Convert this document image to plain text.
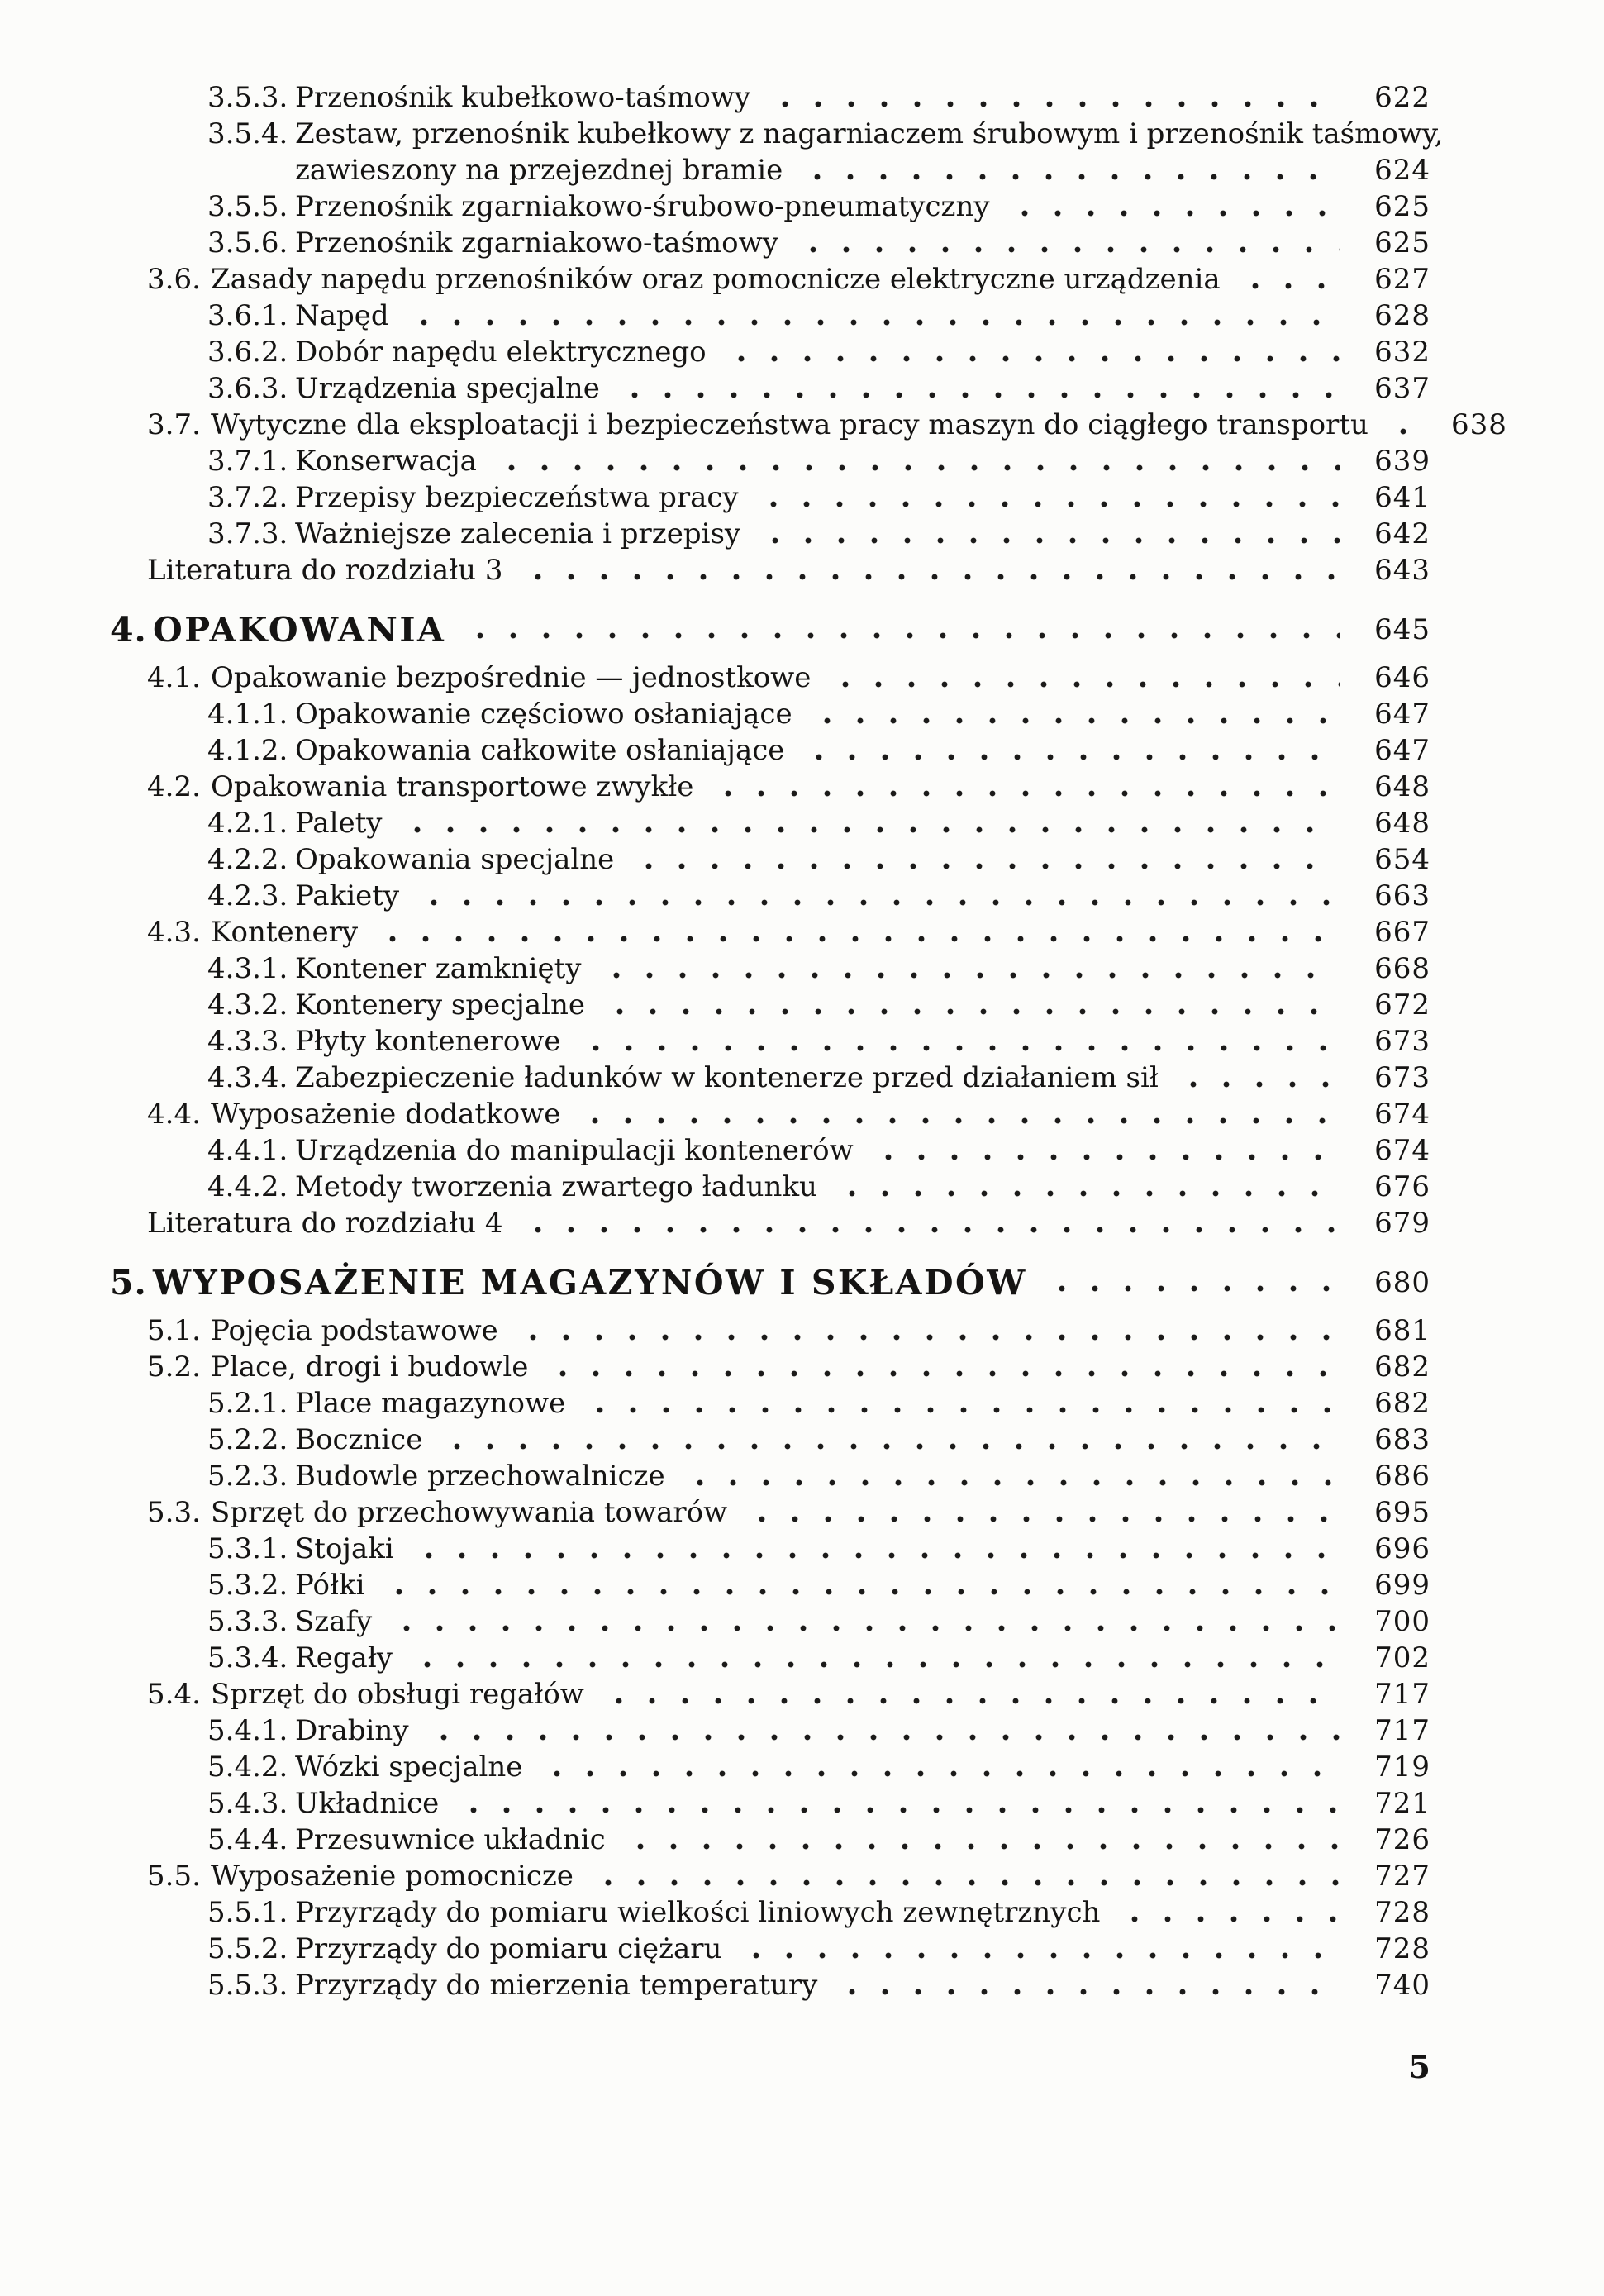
3.5.3. Przenośnik kubełkowo-taśmowy	622
3.5.4. Zestaw, przenośnik kubełkowy z nagarniaczem śrubowym i przenośnik taśmowy,
zawieszony na przejezdnej bramie	624
3.5.5. Przenośnik zgarniakowo-śrubowo-pneumatyczny	625
3.5.6. Przenośnik zgarniakowo-taśmowy	625
3.6. Zasady napędu przenośników oraz pomocnicze elektryczne urządzenia	627
3.6.1. Napęd	628
3.6.2. Dobór napędu elektrycznego	632
3.6.3. Urządzenia specjalne	637
3.7. Wytyczne dla eksploatacji i bezpieczeństwa pracy maszyn do ciągłego transportu	638
3.7.1. Konserwacja	639
3.7.2. Przepisy bezpieczeństwa pracy	641
3.7.3. Ważniejsze zalecenia i przepisy	642
Literatura do rozdziału 3	643
4. OPAKOWANIA	645
4.1. Opakowanie bezpośrednie — jednostkowe	646
4.1.1. Opakowanie częściowo osłaniające	647
4.1.2. Opakowania całkowite osłaniające	647
4.2. Opakowania transportowe zwykłe	648
4.2.1. Palety	648
4.2.2. Opakowania specjalne	654
4.2.3. Pakiety	663
4.3. Kontenery	667
4.3.1. Kontener zamknięty	668
4.3.2. Kontenery specjalne	672
4.3.3. Płyty kontenerowe	673
4.3.4. Zabezpieczenie ładunków w kontenerze przed działaniem sił	673
4.4. Wyposażenie dodatkowe	674
4.4.1. Urządzenia do manipulacji kontenerów	674
4.4.2. Metody tworzenia zwartego ładunku	676
Literatura do rozdziału 4	679
5. WYPOSAŻENIE MAGAZYNÓW I SKŁADÓW	680
5.1. Pojęcia podstawowe	681
5.2. Place, drogi i budowle	682
5.2.1. Place magazynowe	682
5.2.2. Bocznice	683
5.2.3. Budowle przechowalnicze	686
5.3. Sprzęt do przechowywania towarów	695
5.3.1. Stojaki	696
5.3.2. Półki	699
5.3.3. Szafy	700
5.3.4. Regały	702
5.4. Sprzęt do obsługi regałów	717
5.4.1. Drabiny	717
5.4.2. Wózki specjalne	719
5.4.3. Układnice	721
5.4.4. Przesuwnice układnic	726
5.5. Wyposażenie pomocnicze	727
5.5.1. Przyrządy do pomiaru wielkości liniowych zewnętrznych	728
5.5.2. Przyrządy do pomiaru ciężaru	728
5.5.3. Przyrządy do mierzenia temperatury	740
5
